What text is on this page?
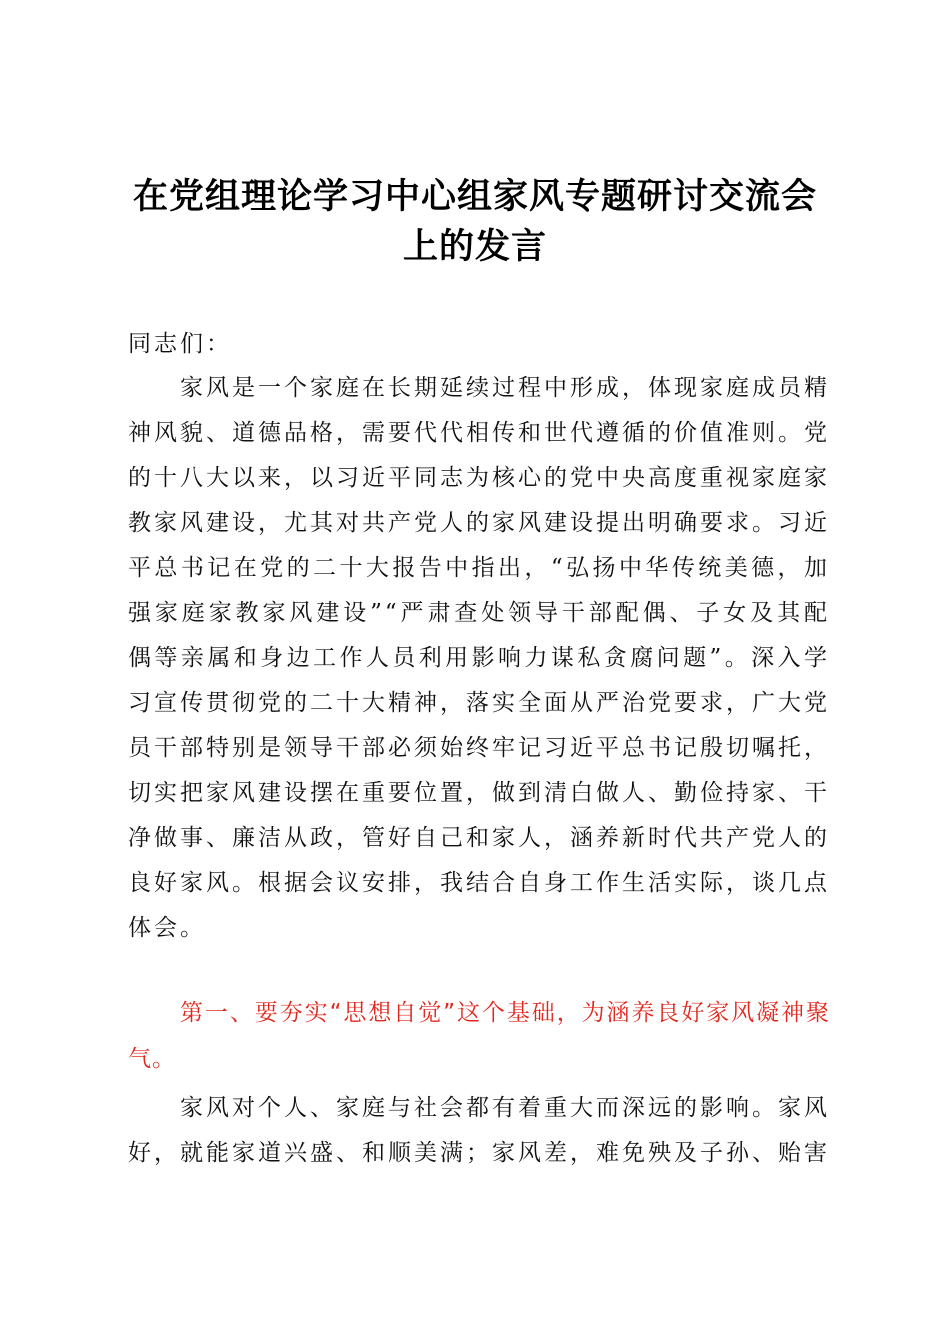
在党组理论学习中心组家风专题研讨交流会上的发言
同志们：
家风是一个家庭在长期延续过程中形成，体现家庭成员精神风貌、道德品格，需要代代相传和世代遵循的价值准则。党的十八大以来，以习近平同志为核心的党中央高度重视家庭家教家风建设，尤其对共产党人的家风建设提出明确要求。习近平总书记在党的二十大报告中指出，“弘扬中华传统美德，加强家庭家教家风建设”“严肃查处领导干部配偶、子女及其配偶等亲属和身边工作人员利用影响力谋私贪腐问题”。深入学习宣传贯彻党的二十大精神，落实全面从严治党要求，广大党员干部特别是领导干部必须始终牢记习近平总书记殷切嘱托，切实把家风建设摆在重要位置，做到清白做人、勤俭持家、干净做事、廉洁从政，管好自己和家人，涵养新时代共产党人的良好家风。根据会议安排，我结合自身工作生活实际，谈几点体会。
第一、要夯实“思想自觉”这个基础，为涵养良好家风凝神聚气。
家风对个人、家庭与社会都有着重大而深远的影响。家风好，就能家道兴盛、和顺美满；家风差，难免殃及子孙、贻害
